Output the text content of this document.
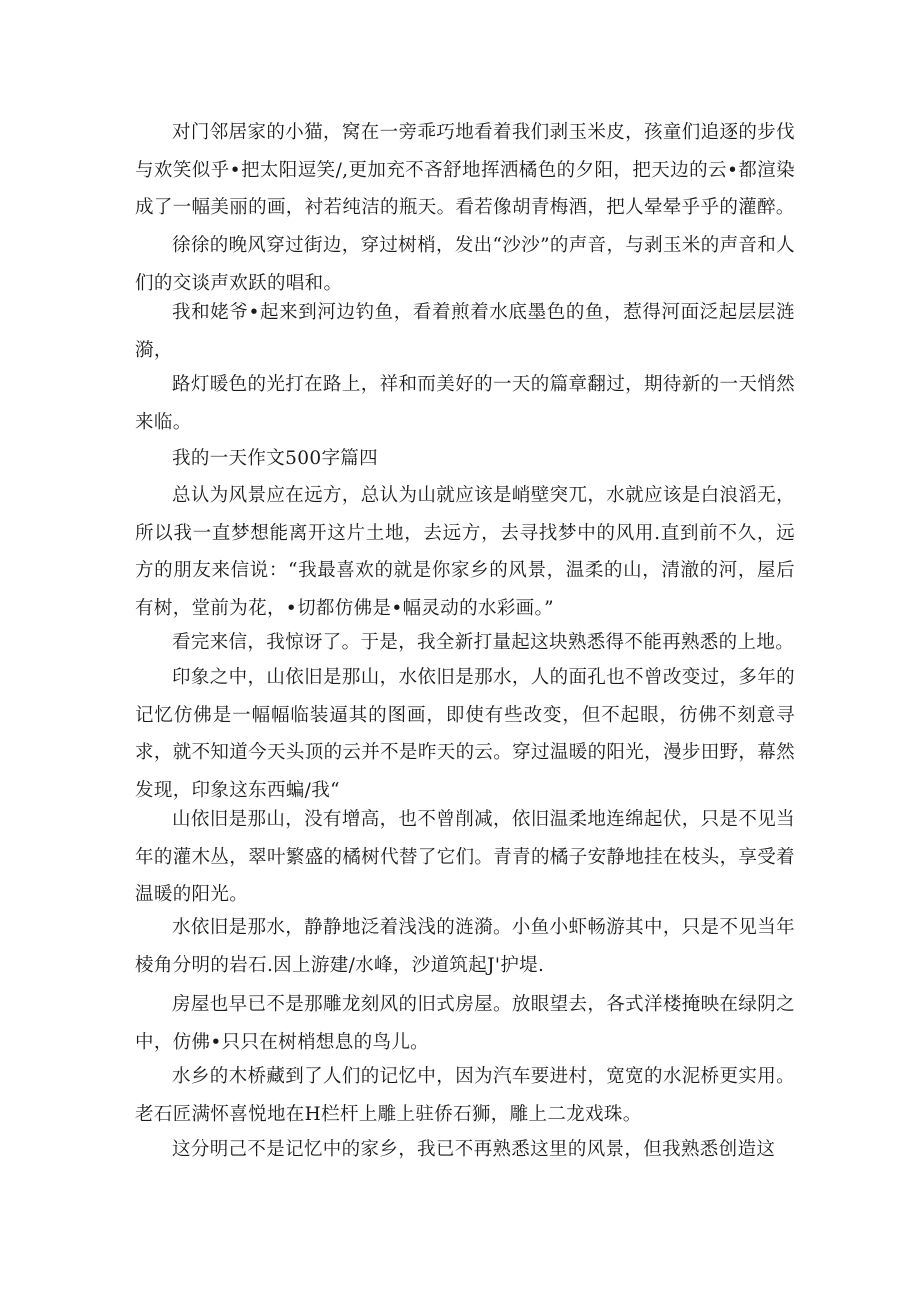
对门邻居家的小猫，窝在一旁乖巧地看着我们剥玉米皮，孩童们追逐的步伐与欢笑似乎•把太阳逗笑/,更加充不吝舒地挥洒橘色的夕阳，把天边的云•都渲染成了一幅美丽的画，衬若纯洁的瓶天。看若像胡青梅酒，把人晕晕乎乎的灌醉。

徐徐的晚风穿过街边，穿过树梢，发出“沙沙”的声音，与剥玉米的声音和人们的交谈声欢跃的唱和。

我和姥爷•起来到河边钓鱼，看着煎着水底墨色的鱼，惹得河面泛起层层涟漪，

路灯暖色的光打在路上，祥和而美好的一天的篇章翻过，期待新的一天悄然来临。

我的一天作文500字篇四

总认为风景应在远方，总认为山就应该是峭壁突兀，水就应该是白浪滔无，所以我一直梦想能离开这片土地，去远方，去寻找梦中的风用.直到前不久，远方的朋友来信说：“我最喜欢的就是你家乡的风景，温柔的山，清澈的河，屋后有树，堂前为花，•切都仿佛是•幅灵动的水彩画。”

看完来信，我惊讶了。于是，我全新打量起这块熟悉得不能再熟悉的上地。

印象之中，山依旧是那山，水依旧是那水，人的面孔也不曾改变过，多年的记忆仿佛是一幅幅临装逼其的图画，即使有些改变，但不起眼，彷佛不刻意寻求，就不知道今天头顶的云并不是昨天的云。穿过温暖的阳光，漫步田野，幕然发现，印象这东西蝙/我“

山依旧是那山，没有增高，也不曾削减，依旧温柔地连绵起伏，只是不见当年的灌木丛，翠叶繁盛的橘树代替了它们。青青的橘子安静地挂在枝头，享受着温暖的阳光。

水依旧是那水，静静地泛着浅浅的涟漪。小鱼小虾畅游其中，只是不见当年棱角分明的岩石.因上游建/水峰，沙道筑起J'护堤.

房屋也早已不是那雕龙刻风的旧式房屋。放眼望去，各式洋楼掩映在绿阴之中，仿佛•只只在树梢想息的鸟儿。

水乡的木桥藏到了人们的记忆中，因为汽车要进村，宽宽的水泥桥更实用。老石匠满怀喜悦地在H栏杆上雕上驻侨石狮，雕上二龙戏珠。

这分明己不是记忆中的家乡，我已不再熟悉这里的风景，但我熟悉创造这
